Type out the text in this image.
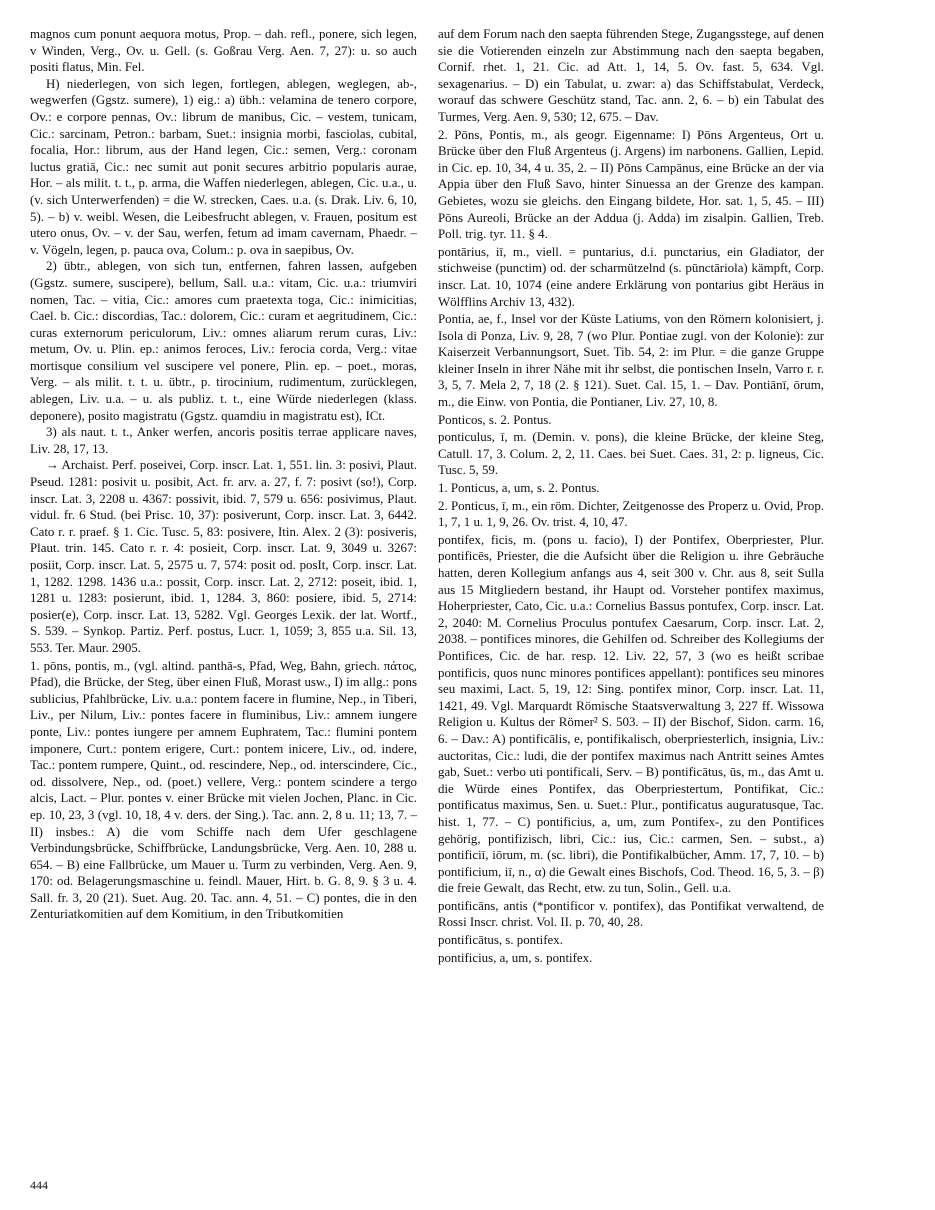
magnos cum ponunt aequora motus, Prop. – dah. refl., ponere, sich legen, v Winden, Verg., Ov. u. Gell. (s. Goßrau Verg. Aen. 7, 27): u. so auch positi flatus, Min. Fel.

H) niederlegen, von sich legen, fortlegen, ablegen, weglegen, ab-, wegwerfen (Ggstz. sumere), 1) eig.: a) übh.: velamina de tenero corpore, Ov.: e corpore pennas, Ov.: librum de manibus, Cic. – vestem, tunicam, Cic.: sarcinam, Petron.: barbam, Suet.: insignia morbi, fasciolas, cubital, focalia, Hor.: librum, aus der Hand legen, Cic.: semen, Verg.: coronam luctus gratiā, Cic.: nec sumit aut ponit secures arbitrio popularis aurae, Hor. – als milit. t. t., p. arma, die Waffen niederlegen, ablegen, Cic. u.a., u. (v. sich Unterwerfenden) = die W. strecken, Caes. u.a. (s. Drak. Liv. 6, 10, 5). – b) v. weibl. Wesen, die Leibesfrucht ablegen, v. Frauen, positum est utero onus, Ov. – v. der Sau, werfen, fetum ad imam cavernam, Phaedr. – v. Vögeln, legen, p. pauca ova, Colum.: p. ova in saepibus, Ov.

2) übtr., ablegen, von sich tun, entfernen, fahren lassen, aufgeben (Ggstz. sumere, suscipere), bellum, Sall. u.a.: vitam, Cic. u.a.: triumviri nomen, Tac. – vitia, Cic.: amores cum praetexta toga, Cic.: inimicitias, Cael. b. Cic.: discordias, Tac.: dolorem, Cic.: curam et aegritudinem, Cic.: curas externorum periculorum, Liv.: omnes aliarum rerum curas, Liv.: metum, Ov. u. Plin. ep.: animos feroces, Liv.: ferocia corda, Verg.: vitae mortisque consilium vel suscipere vel ponere, Plin. ep. – poet., moras, Verg. – als milit. t. t. u. übtr., p. tirocinium, rudimentum, zurücklegen, ablegen, Liv. u.a. – u. als publiz. t. t., eine Würde niederlegen (klass. deponere), posito magistratu (Ggstz. quamdiu in magistratu est), ICt.

3) als naut. t. t., Anker werfen, ancoris positis terrae applicare naves, Liv. 28, 17, 13.

→ Archaist. Perf. poseivei, Corp. inscr. Lat. 1, 551. lin. 3: posivi, Plaut. Pseud. 1281: posivit u. posibit, Act. fr. arv. a. 27, f. 7: posivt (so!), Corp. inscr. Lat. 3, 2208 u. 4367: possivit, ibid. 7, 579 u. 656: posivimus, Plaut. vidul. fr. 6 Stud. (bei Prisc. 10, 37): posiverunt, Corp. inscr. Lat. 3, 6442. Cato r. r. praef. § 1. Cic. Tusc. 5, 83: posivere, Itin. Alex. 2 (3): posiveris, Plaut. trin. 145. Cato r. r. 4: posieit, Corp. inscr. Lat. 9, 3049 u. 3267: posiit, Corp. inscr. Lat. 5, 2575 u. 7, 574: posit od. posIt, Corp. inscr. Lat. 1, 1282. 1298. 1436 u.a.: possit, Corp. inscr. Lat. 2, 2712: poseit, ibid. 1, 1281 u. 1283: posierunt, ibid. 1, 1284. 3, 860: posiere, ibid. 5, 2714: posier(e), Corp. inscr. Lat. 13, 5282. Vgl. Georges Lexik. der lat. Wortf., S. 539. – Synkop. Partiz. Perf. postus, Lucr. 1, 1059; 3, 855 u.a. Sil. 13, 553. Ter. Maur. 2905.

1. pōns, pontis, m., (vgl. altind. panthā-s, Pfad, Weg, Bahn, griech. πάτος, Pfad), die Brücke, der Steg, über einen Fluß, Morast usw., I) im allg.: pons sublicius, Pfahlbrücke, Liv. u.a.: pontem facere in flumine, Nep., in Tiberi, Liv., per Nilum, Liv.: pontes facere in fluminibus, Liv.: amnem iungere ponte, Liv.: pontes iungere per amnem Euphratem, Tac.: flumini pontem imponere, Curt.: pontem erigere, Curt.: pontem inicere, Liv., od. indere, Tac.: pontem rumpere, Quint., od. rescindere, Nep., od. interscindere, Cic., od. dissolvere, Nep., od. (poet.) vellere, Verg.: pontem scindere a tergo alcis, Lact. – Plur. pontes v. einer Brücke mit vielen Jochen, Planc. in Cic. ep. 10, 23, 3 (vgl. 10, 18, 4 v. ders. der Sing.). Tac. ann. 2, 8 u. 11; 13, 7. – II) insbes.: A) die vom Schiffe nach dem Ufer geschlagene Verbindungsbrücke, Schiffbrücke, Landungsbrücke, Verg. Aen. 10, 288 u. 654. – B) eine Fallbrücke, um Mauer u. Turm zu verbinden, Verg. Aen. 9, 170: od. Belagerungsmaschine u. feindl. Mauer, Hirt. b. G. 8, 9. § 3 u. 4. Sall. fr. 3, 20 (21). Suet. Aug. 20. Tac. ann. 4, 51. – C) pontes, die in den Zenturiatkomitien auf dem Komitium, in den Tributkomitien

auf dem Forum nach den saepta führenden Stege, Zugangsstege, auf denen sie die Votierenden einzeln zur Abstimmung nach den saepta begaben, Cornif. rhet. 1, 21. Cic. ad Att. 1, 14, 5. Ov. fast. 5, 634. Vgl. sexagenarius. – D) ein Tabulat, u. zwar: a) das Schiffstabulat, Verdeck, worauf das schwere Geschütz stand, Tac. ann. 2, 6. – b) ein Tabulat des Turmes, Verg. Aen. 9, 530; 12, 675. – Dav.

2. Pōns, Pontis, m., als geogr. Eigenname: I) Pōns Argenteus, Ort u. Brücke über den Fluß Argenteus (j. Argens) im narbonens. Gallien, Lepid. in Cic. ep. 10, 34, 4 u. 35, 2. – II) Pōns Campānus, eine Brücke an der via Appia über den Fluß Savo, hinter Sinuessa an der Grenze des kampan. Gebietes, wozu sie gleichs. den Eingang bildete, Hor. sat. 1, 5, 45. – III) Pōns Aureoli, Brücke an der Addua (j. Adda) im zisalpin. Gallien, Treb. Poll. trig. tyr. 11. § 4.

pontārius, iī, m., viell. = puntarius, d.i. punctarius, ein Gladiator, der stichweise (punctim) od. der scharmützelnd (s. pūnctāriola) kämpft, Corp. inscr. Lat. 10, 1074 (eine andere Erklärung von pontarius gibt Heräus in Wölfflins Archiv 13, 432).

Pontia, ae, f., Insel vor der Küste Latiums, von den Römern kolonisiert, j. Isola di Ponza, Liv. 9, 28, 7 (wo Plur. Pontiae zugl. von der Kolonie): zur Kaiserzeit Verbannungsort, Suet. Tib. 54, 2: im Plur. = die ganze Gruppe kleiner Inseln in ihrer Nähe mit ihr selbst, die pontischen Inseln, Varro r. r. 3, 5, 7. Mela 2, 7, 18 (2. § 121). Suet. Cal. 15, 1. – Dav. Pontiānī, ōrum, m., die Einw. von Pontia, die Pontianer, Liv. 27, 10, 8.

Ponticos, s. 2. Pontus.

ponticulus, ī, m. (Demin. v. pons), die kleine Brücke, der kleine Steg, Catull. 17, 3. Colum. 2, 2, 11. Caes. bei Suet. Caes. 31, 2: p. ligneus, Cic. Tusc. 5, 59.

1. Ponticus, a, um, s. 2. Pontus.

2. Ponticus, ī, m., ein röm. Dichter, Zeitgenosse des Properz u. Ovid, Prop. 1, 7, 1 u. 1, 9, 26. Ov. trist. 4, 10, 47.

pontifex, ficis, m. (pons u. facio), I) der Pontifex, Oberpriester, Plur. pontificēs, Priester, die die Aufsicht über die Religion u. ihre Gebräuche hatten, deren Kollegium anfangs aus 4, seit 300 v. Chr. aus 8, seit Sulla aus 15 Mitgliedern bestand, ihr Haupt od. Vorsteher pontifex maximus, Hoherpriester, Cato, Cic. u.a.: Cornelius Bassus pontufex, Corp. inscr. Lat. 2, 2040: M. Cornelius Proculus pontufex Caesarum, Corp. inscr. Lat. 2, 2038. – pontifices minores, die Gehilfen od. Schreiber des Kollegiums der Pontifices, Cic. de har. resp. 12. Liv. 22, 57, 3 (wo es heißt scribae pontificis, quos nunc minores pontifices appellant): pontifices seu minores seu maximi, Lact. 5, 19, 12: Sing. pontifex minor, Corp. inscr. Lat. 11, 1421, 49. Vgl. Marquardt Römische Staatsverwaltung 3, 227 ff. Wissowa Religion u. Kultus der Römer² S. 503. – II) der Bischof, Sidon. carm. 16, 6. – Dav.: A) pontificālis, e, pontifikalisch, oberpriesterlich, insignia, Liv.: auctoritas, Cic.: ludi, die der pontifex maximus nach Antritt seines Amtes gab, Suet.: verbo uti pontificali, Serv. – B) pontificātus, ūs, m., das Amt u. die Würde eines Pontifex, das Oberpriestertum, Pontifikat, Cic.: pontificatus maximus, Sen. u. Suet.: Plur., pontificatus auguratusque, Tac. hist. 1, 77. – C) pontificius, a, um, zum Pontifex-, zu den Pontifices gehörig, pontifizisch, libri, Cic.: ius, Cic.: carmen, Sen. – subst., a) pontificiī, iōrum, m. (sc. libri), die Pontifikalbücher, Amm. 17, 7, 10. – b) pontificium, iī, n., α) die Gewalt eines Bischofs, Cod. Theod. 16, 5, 3. – β) die freie Gewalt, das Recht, etw. zu tun, Solin., Gell. u.a.

pontificāns, antis (*pontificor v. pontifex), das Pontifikat verwaltend, de Rossi Inscr. christ. Vol. II. p. 70, 40, 28.

pontificātus, s. pontifex.

pontificius, a, um, s. pontifex.

444
